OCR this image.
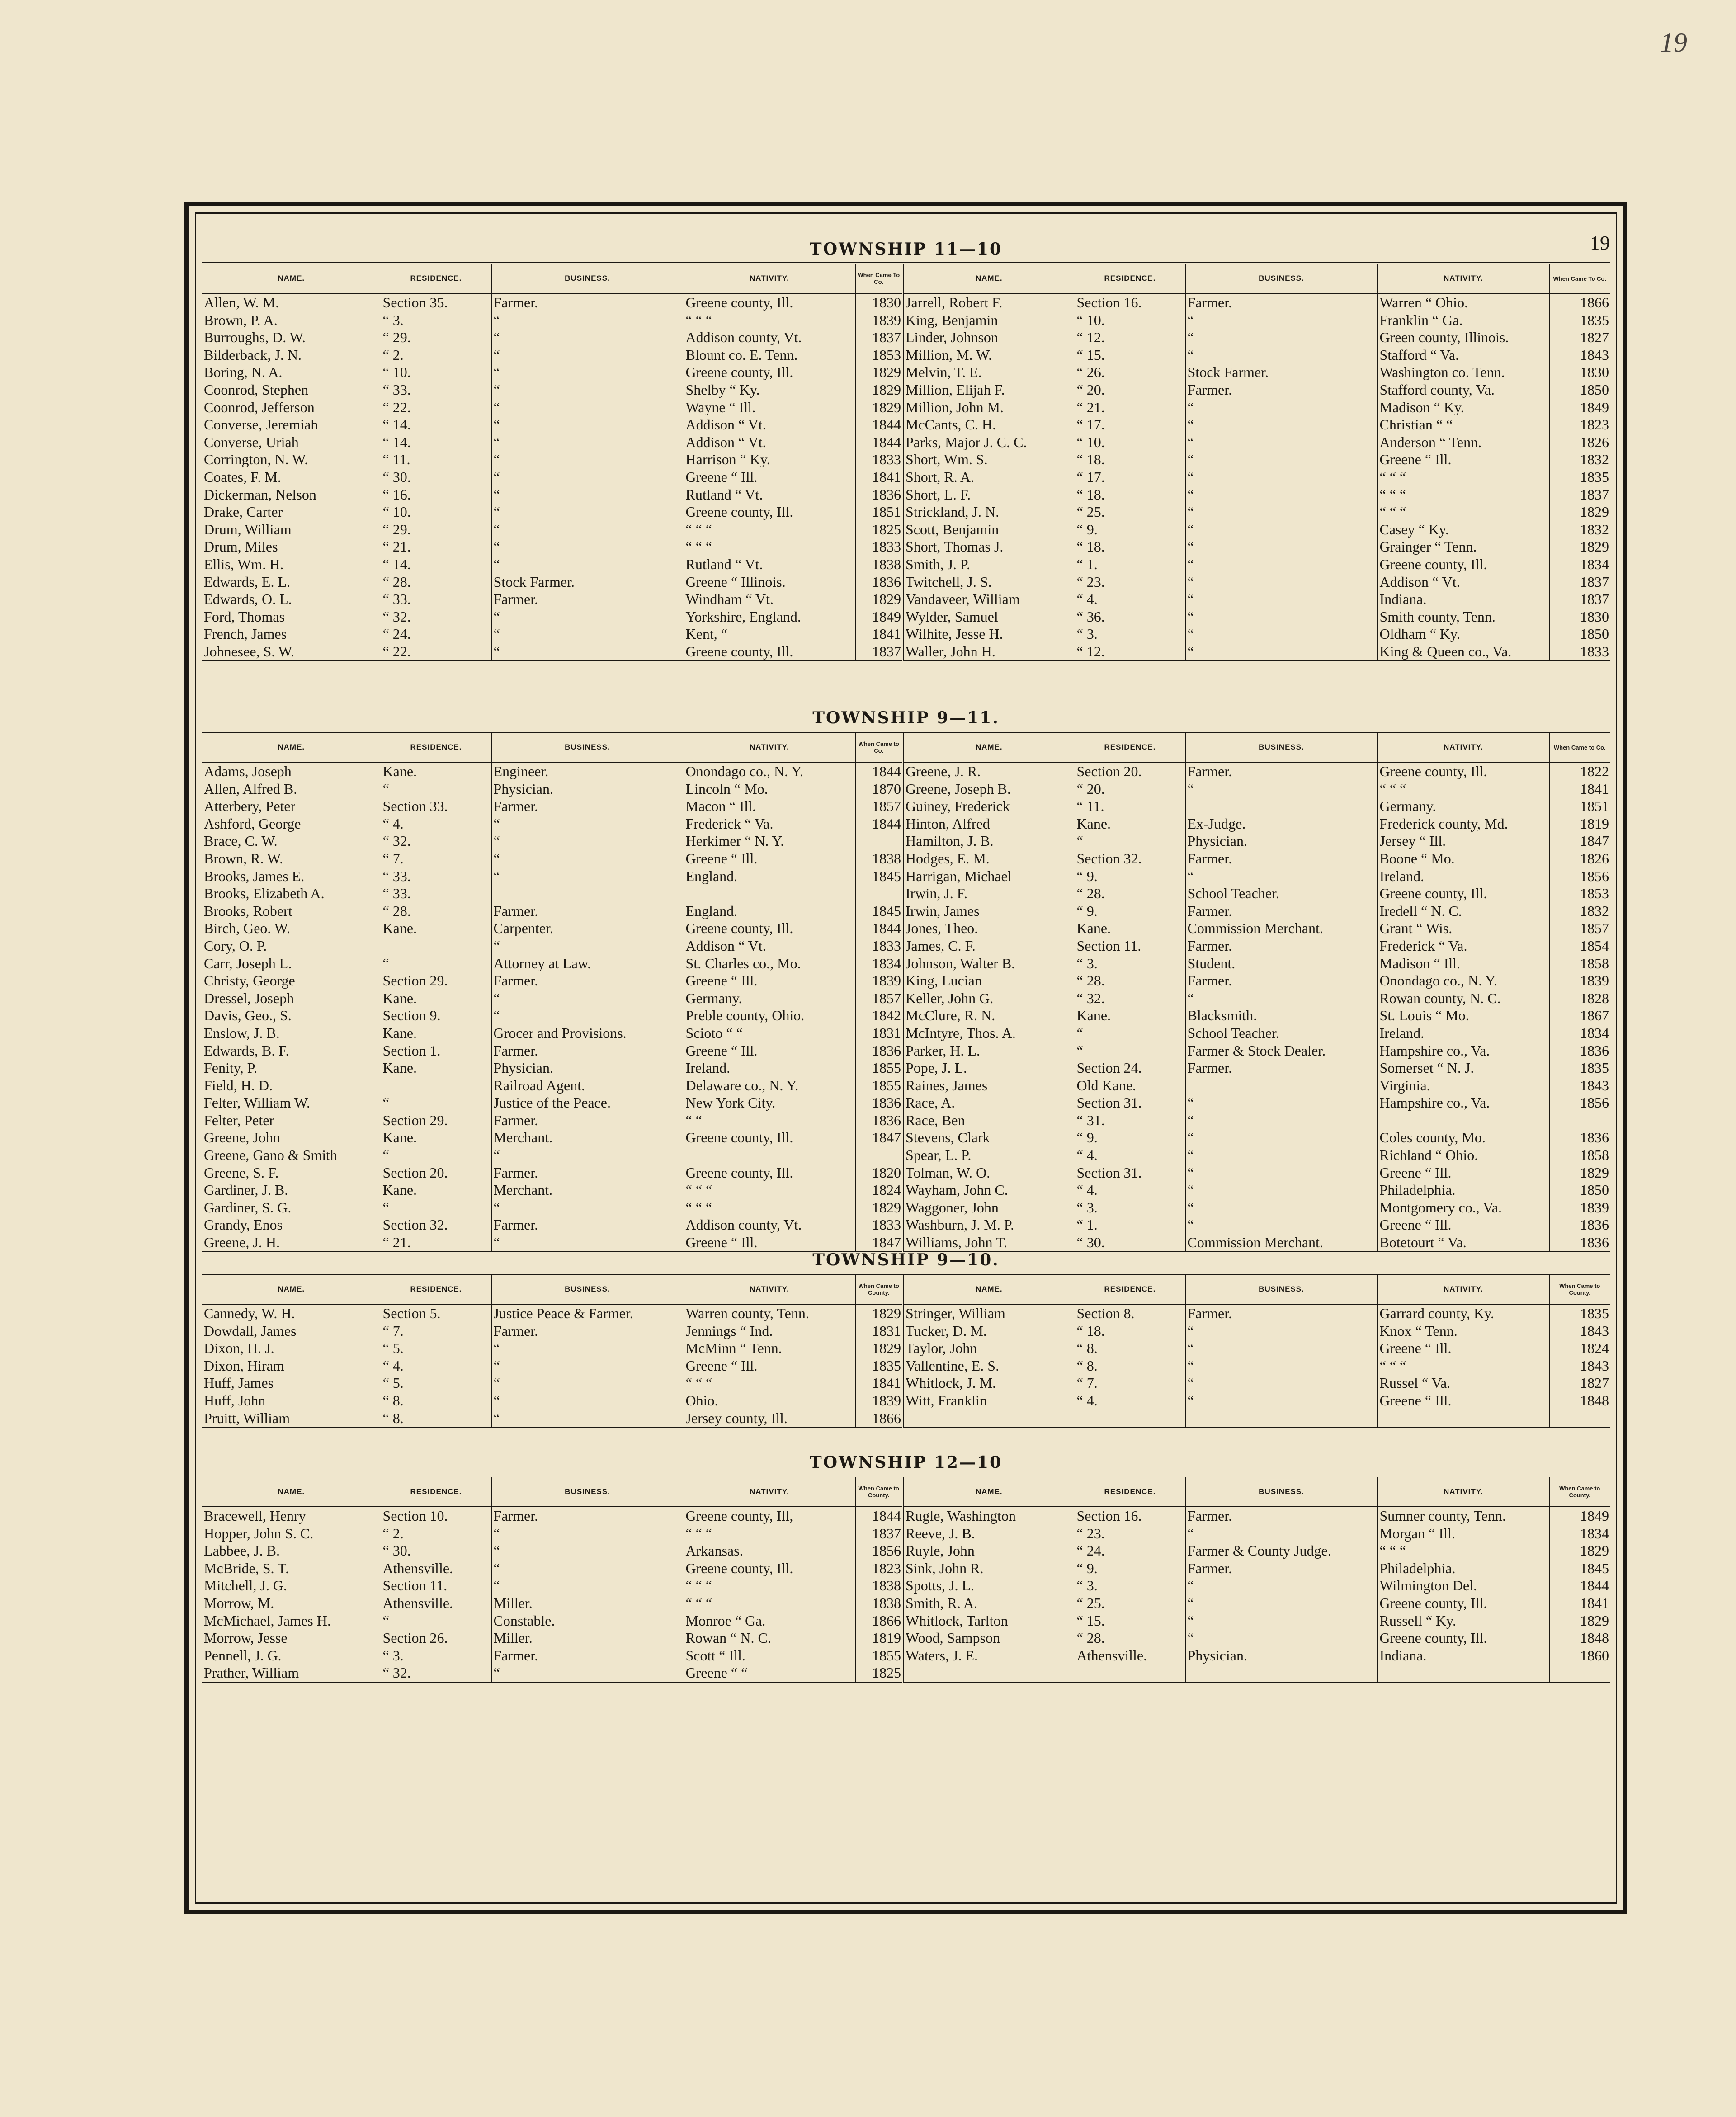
19
19
TOWNSHIP 11—10
NAME.	RESIDENCE.	BUSINESS.	NATIVITY.	When Came To Co.	NAME.	RESIDENCE.	BUSINESS.	NATIVITY.	When Came To Co.
Allen, W. M.	Section 35.	Farmer.	Greene county, Ill.	1830	Jarrell, Robert F.	Section 16.	Farmer.	Warren “ Ohio.	1866
Brown, P. A.	“ 3.	“	“ “ “	1839	King, Benjamin	“ 10.	“	Franklin “ Ga.	1835
Burroughs, D. W.	“ 29.	“	Addison county, Vt.	1837	Linder, Johnson	“ 12.	“	Green county, Illinois.	1827
Bilderback, J. N.	“ 2.	“	Blount co. E. Tenn.	1853	Million, M. W.	“ 15.	“	Stafford “ Va.	1843
Boring, N. A.	“ 10.	“	Greene county, Ill.	1829	Melvin, T. E.	“ 26.	Stock Farmer.	Washington co. Tenn.	1830
Coonrod, Stephen	“ 33.	“	Shelby “ Ky.	1829	Million, Elijah F.	“ 20.	Farmer.	Stafford county, Va.	1850
Coonrod, Jefferson	“ 22.	“	Wayne “ Ill.	1829	Million, John M.	“ 21.	“	Madison “ Ky.	1849
Converse, Jeremiah	“ 14.	“	Addison “ Vt.	1844	McCants, C. H.	“ 17.	“	Christian “ “	1823
Converse, Uriah	“ 14.	“	Addison “ Vt.	1844	Parks, Major J. C. C.	“ 10.	“	Anderson “ Tenn.	1826
Corrington, N. W.	“ 11.	“	Harrison “ Ky.	1833	Short, Wm. S.	“ 18.	“	Greene “ Ill.	1832
Coates, F. M.	“ 30.	“	Greene “ Ill.	1841	Short, R. A.	“ 17.	“	“ “ “	1835
Dickerman, Nelson	“ 16.	“	Rutland “ Vt.	1836	Short, L. F.	“ 18.	“	“ “ “	1837
Drake, Carter	“ 10.	“	Greene county, Ill.	1851	Strickland, J. N.	“ 25.	“	“ “ “	1829
Drum, William	“ 29.	“	“ “ “	1825	Scott, Benjamin	“ 9.	“	Casey “ Ky.	1832
Drum, Miles	“ 21.	“	“ “ “	1833	Short, Thomas J.	“ 18.	“	Grainger “ Tenn.	1829
Ellis, Wm. H.	“ 14.	“	Rutland “ Vt.	1838	Smith, J. P.	“ 1.	“	Greene county, Ill.	1834
Edwards, E. L.	“ 28.	Stock Farmer.	Greene “ Illinois.	1836	Twitchell, J. S.	“ 23.	“	Addison “ Vt.	1837
Edwards, O. L.	“ 33.	Farmer.	Windham “ Vt.	1829	Vandaveer, William	“ 4.	“	Indiana.	1837
Ford, Thomas	“ 32.	“	Yorkshire, England.	1849	Wylder, Samuel	“ 36.	“	Smith county, Tenn.	1830
French, James	“ 24.	“	Kent, “	1841	Wilhite, Jesse H.	“ 3.	“	Oldham “ Ky.	1850
Johnesee, S. W.	“ 22.	“	Greene county, Ill.	1837	Waller, John H.	“ 12.	“	King & Queen co., Va.	1833
TOWNSHIP 9—11.
NAME.	RESIDENCE.	BUSINESS.	NATIVITY.	When Came to Co.	NAME.	RESIDENCE.	BUSINESS.	NATIVITY.	When Came to Co.
Adams, Joseph	Kane.	Engineer.	Onondago co., N. Y.	1844	Greene, J. R.	Section 20.	Farmer.	Greene county, Ill.	1822
Allen, Alfred B.	“	Physician.	Lincoln “ Mo.	1870	Greene, Joseph B.	“ 20.	“	“ “ “	1841
Atterbery, Peter	Section 33.	Farmer.	Macon “ Ill.	1857	Guiney, Frederick	“ 11.		Germany.	1851
Ashford, George	“ 4.	“	Frederick “ Va.	1844	Hinton, Alfred	Kane.	Ex-Judge.	Frederick county, Md.	1819
Brace, C. W.	“ 32.	“	Herkimer “ N. Y.		Hamilton, J. B.	“	Physician.	Jersey “ Ill.	1847
Brown, R. W.	“ 7.	“	Greene “ Ill.	1838	Hodges, E. M.	Section 32.	Farmer.	Boone “ Mo.	1826
Brooks, James E.	“ 33.	“	England.	1845	Harrigan, Michael	“ 9.	“	Ireland.	1856
Brooks, Elizabeth A.	“ 33.				Irwin, J. F.	“ 28.	School Teacher.	Greene county, Ill.	1853
Brooks, Robert	“ 28.	Farmer.	England.	1845	Irwin, James	“ 9.	Farmer.	Iredell “ N. C.	1832
Birch, Geo. W.	Kane.	Carpenter.	Greene county, Ill.	1844	Jones, Theo.	Kane.	Commission Merchant.	Grant “ Wis.	1857
Cory, O. P.		“	Addison “ Vt.	1833	James, C. F.	Section 11.	Farmer.	Frederick “ Va.	1854
Carr, Joseph L.	“	Attorney at Law.	St. Charles co., Mo.	1834	Johnson, Walter B.	“ 3.	Student.	Madison “ Ill.	1858
Christy, George	Section 29.	Farmer.	Greene “ Ill.	1839	King, Lucian	“ 28.	Farmer.	Onondago co., N. Y.	1839
Dressel, Joseph	Kane.	“	Germany.	1857	Keller, John G.	“ 32.	“	Rowan county, N. C.	1828
Davis, Geo., S.	Section 9.	“	Preble county, Ohio.	1842	McClure, R. N.	Kane.	Blacksmith.	St. Louis “ Mo.	1867
Enslow, J. B.	Kane.	Grocer and Provisions.	Scioto “ “	1831	McIntyre, Thos. A.	“	School Teacher.	Ireland.	1834
Edwards, B. F.	Section 1.	Farmer.	Greene “ Ill.	1836	Parker, H. L.	“	Farmer & Stock Dealer.	Hampshire co., Va.	1836
Fenity, P.	Kane.	Physician.	Ireland.	1855	Pope, J. L.	Section 24.	Farmer.	Somerset “ N. J.	1835
Field, H. D.		Railroad Agent.	Delaware co., N. Y.	1855	Raines, James	Old Kane.		Virginia.	1843
Felter, William W.	“	Justice of the Peace.	New York City.	1836	Race, A.	Section 31.	“	Hampshire co., Va.	1856
Felter, Peter	Section 29.	Farmer.	“ “	1836	Race, Ben	“ 31.	“		
Greene, John	Kane.	Merchant.	Greene county, Ill.	1847	Stevens, Clark	“ 9.	“	Coles county, Mo.	1836
Greene, Gano & Smith	“	“			Spear, L. P.	“ 4.	“	Richland “ Ohio.	1858
Greene, S. F.	Section 20.	Farmer.	Greene county, Ill.	1820	Tolman, W. O.	Section 31.	“	Greene “ Ill.	1829
Gardiner, J. B.	Kane.	Merchant.	“ “ “	1824	Wayham, John C.	“ 4.	“	Philadelphia.	1850
Gardiner, S. G.	“	“	“ “ “	1829	Waggoner, John	“ 3.	“	Montgomery co., Va.	1839
Grandy, Enos	Section 32.	Farmer.	Addison county, Vt.	1833	Washburn, J. M. P.	“ 1.	“	Greene “ Ill.	1836
Greene, J. H.	“ 21.	“	Greene “ Ill.	1847	Williams, John T.	“ 30.	Commission Merchant.	Botetourt “ Va.	1836
TOWNSHIP 9—10.
NAME.	RESIDENCE.	BUSINESS.	NATIVITY.	When Came to County.	NAME.	RESIDENCE.	BUSINESS.	NATIVITY.	When Came to County.
Cannedy, W. H.	Section 5.	Justice Peace & Farmer.	Warren county, Tenn.	1829	Stringer, William	Section 8.	Farmer.	Garrard county, Ky.	1835
Dowdall, James	“ 7.	Farmer.	Jennings “ Ind.	1831	Tucker, D. M.	“ 18.	“	Knox “ Tenn.	1843
Dixon, H. J.	“ 5.	“	McMinn “ Tenn.	1829	Taylor, John	“ 8.	“	Greene “ Ill.	1824
Dixon, Hiram	“ 4.	“	Greene “ Ill.	1835	Vallentine, E. S.	“ 8.	“	“ “ “	1843
Huff, James	“ 5.	“	“ “ “	1841	Whitlock, J. M.	“ 7.	“	Russel “ Va.	1827
Huff, John	“ 8.	“	Ohio.	1839	Witt, Franklin	“ 4.	“	Greene “ Ill.	1848
Pruitt, William	“ 8.	“	Jersey county, Ill.	1866					
TOWNSHIP 12—10
NAME.	RESIDENCE.	BUSINESS.	NATIVITY.	When Came to County.	NAME.	RESIDENCE.	BUSINESS.	NATIVITY.	When Came to County.
Bracewell, Henry	Section 10.	Farmer.	Greene county, Ill,	1844	Rugle, Washington	Section 16.	Farmer.	Sumner county, Tenn.	1849
Hopper, John S. C.	“ 2.	“	“ “ “	1837	Reeve, J. B.	“ 23.	“	Morgan “ Ill.	1834
Labbee, J. B.	“ 30.	“	Arkansas.	1856	Ruyle, John	“ 24.	Farmer & County Judge.	“ “ “	1829
McBride, S. T.	Athensville.	“	Greene county, Ill.	1823	Sink, John R.	“ 9.	Farmer.	Philadelphia.	1845
Mitchell, J. G.	Section 11.	“	“ “ “	1838	Spotts, J. L.	“ 3.	“	Wilmington Del.	1844
Morrow, M.	Athensville.	Miller.	“ “ “	1838	Smith, R. A.	“ 25.	“	Greene county, Ill.	1841
McMichael, James H.	“	Constable.	Monroe “ Ga.	1866	Whitlock, Tarlton	“ 15.	“	Russell “ Ky.	1829
Morrow, Jesse	Section 26.	Miller.	Rowan “ N. C.	1819	Wood, Sampson	“ 28.	“	Greene county, Ill.	1848
Pennell, J. G.	“ 3.	Farmer.	Scott “ Ill.	1855	Waters, J. E.	Athensville.	Physician.	Indiana.	1860
Prather, William	“ 32.	“	Greene “ “	1825					
